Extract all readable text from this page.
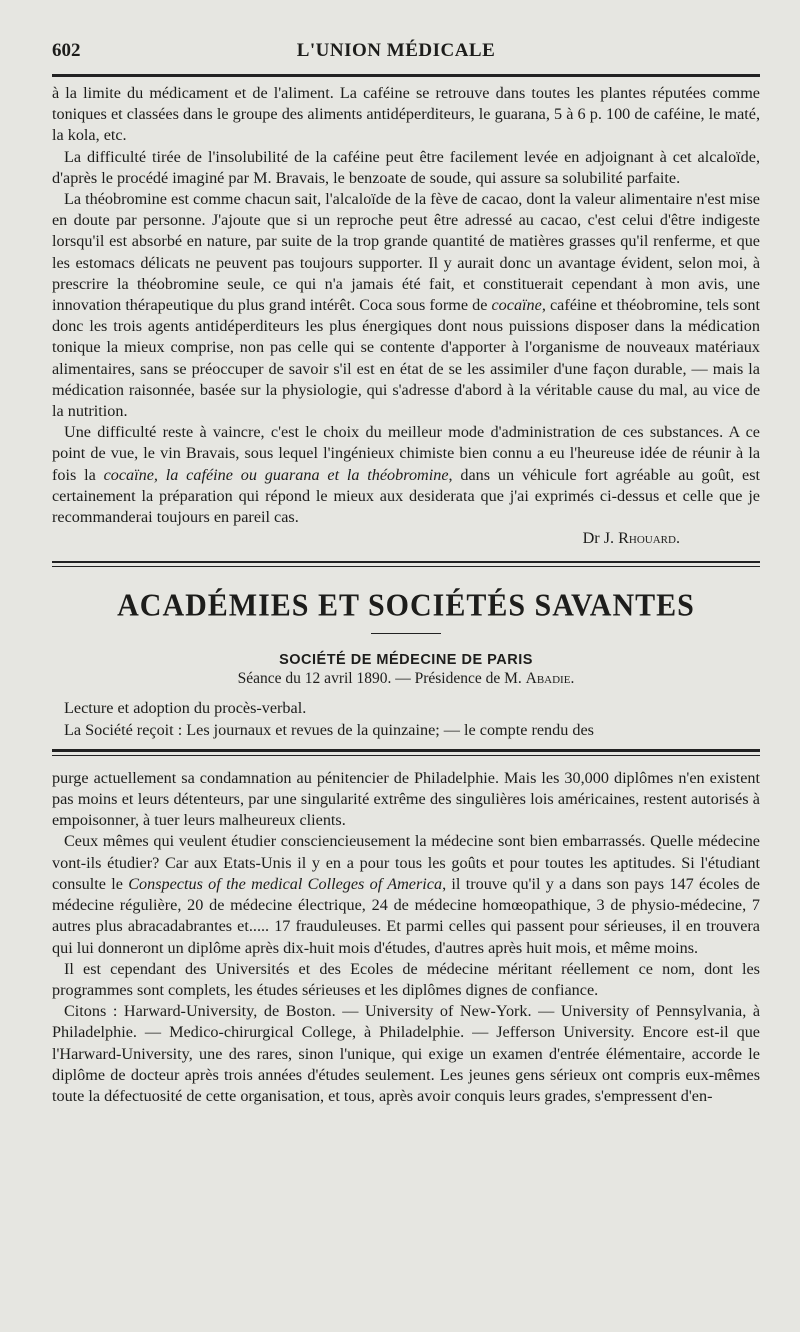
602	L'UNION MÉDICALE

à la limite du médicament et de l'aliment. La caféine se retrouve dans toutes les plantes réputées comme toniques et classées dans le groupe des aliments antidéperditeurs, le guarana, 5 à 6 p. 100 de caféine, le maté, la kola, etc.

La difficulté tirée de l'insolubilité de la caféine peut être facilement levée en adjoignant à cet alcaloïde, d'après le procédé imaginé par M. Bravais, le benzoate de soude, qui assure sa solubilité parfaite.

La théobromine est comme chacun sait, l'alcaloïde de la fève de cacao, dont la valeur alimentaire n'est mise en doute par personne. J'ajoute que si un reproche peut être adressé au cacao, c'est celui d'être indigeste lorsqu'il est absorbé en nature, par suite de la trop grande quantité de matières grasses qu'il renferme, et que les estomacs délicats ne peuvent pas toujours supporter. Il y aurait donc un avantage évident, selon moi, à prescrire la théobromine seule, ce qui n'a jamais été fait, et constituerait cependant à mon avis, une innovation thérapeutique du plus grand intérêt. Coca sous forme de cocaïne, caféine et théobromine, tels sont donc les trois agents antidéperditeurs les plus énergiques dont nous puissions disposer dans la médication tonique la mieux comprise, non pas celle qui se contente d'apporter à l'organisme de nouveaux matériaux alimentaires, sans se préoccuper de savoir s'il est en état de se les assimiler d'une façon durable, — mais la médication raisonnée, basée sur la physiologie, qui s'adresse d'abord à la véritable cause du mal, au vice de la nutrition.

Une difficulté reste à vaincre, c'est le choix du meilleur mode d'administration de ces substances. A ce point de vue, le vin Bravais, sous lequel l'ingénieux chimiste bien connu a eu l'heureuse idée de réunir à la fois la cocaïne, la caféine ou guarana et la théobromine, dans un véhicule fort agréable au goût, est certainement la préparation qui répond le mieux aux desiderata que j'ai exprimés ci-dessus et celle que je recommanderai toujours en pareil cas.

Dr J. Rhouard.

ACADÉMIES ET SOCIÉTÉS SAVANTES
SOCIÉTÉ DE MÉDECINE DE PARIS
Séance du 12 avril 1890. — Présidence de M. Abadie.

Lecture et adoption du procès-verbal.

La Société reçoit : Les journaux et revues de la quinzaine; — le compte rendu des

purge actuellement sa condamnation au pénitencier de Philadelphie. Mais les 30,000 diplômes n'en existent pas moins et leurs détenteurs, par une singularité extrême des singulières lois américaines, restent autorisés à empoisonner, à tuer leurs malheureux clients.

Ceux mêmes qui veulent étudier consciencieusement la médecine sont bien embarrassés. Quelle médecine vont-ils étudier? Car aux Etats-Unis il y en a pour tous les goûts et pour toutes les aptitudes. Si l'étudiant consulte le Conspectus of the medical Colleges of America, il trouve qu'il y a dans son pays 147 écoles de médecine régulière, 20 de médecine électrique, 24 de médecine homœopathique, 3 de physio-médecine, 7 autres plus abracadabrantes et..... 17 frauduleuses. Et parmi celles qui passent pour sérieuses, il en trouvera qui lui donneront un diplôme après dix-huit mois d'études, d'autres après huit mois, et même moins.

Il est cependant des Universités et des Ecoles de médecine méritant réellement ce nom, dont les programmes sont complets, les études sérieuses et les diplômes dignes de confiance.

Citons : Harward-University, de Boston. — University of New-York. — University of Pennsylvania, à Philadelphie. — Medico-chirurgical College, à Philadelphie. — Jefferson University. Encore est-il que l'Harward-University, une des rares, sinon l'unique, qui exige un examen d'entrée élémentaire, accorde le diplôme de docteur après trois années d'études seulement. Les jeunes gens sérieux ont compris eux-mêmes toute la défectuosité de cette organisation, et tous, après avoir conquis leurs grades, s'empressent d'en-
